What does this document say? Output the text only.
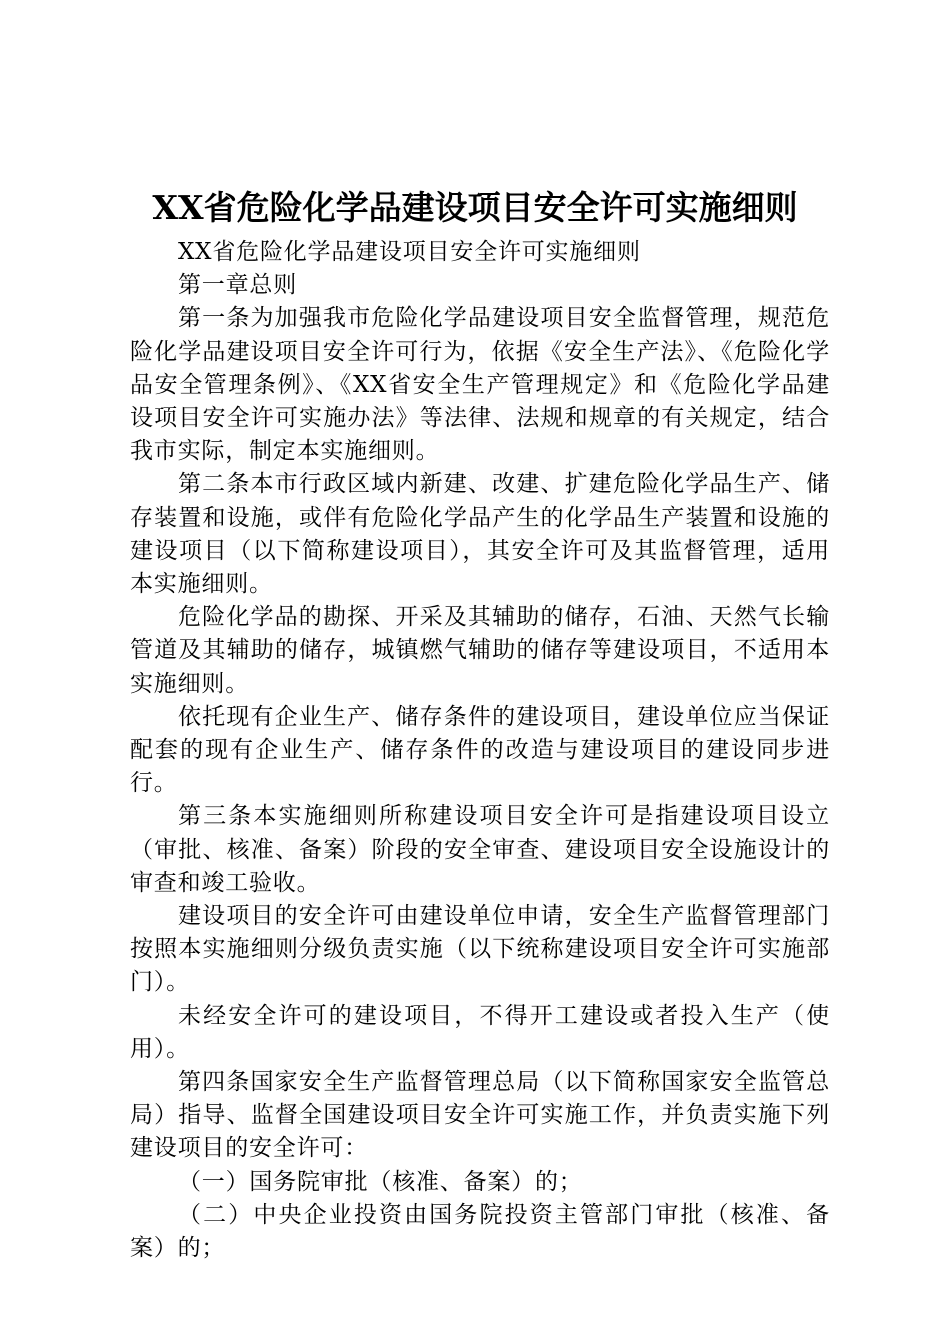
XX省危险化学品建设项目安全许可实施细则

XX省危险化学品建设项目安全许可实施细则

第一章总则

第一条为加强我市危险化学品建设项目安全监督管理，规范危险化学品建设项目安全许可行为，依据《安全生产法》、《危险化学品安全管理条例》、《XX省安全生产管理规定》和《危险化学品建设项目安全许可实施办法》等法律、法规和规章的有关规定，结合我市实际，制定本实施细则。

第二条本市行政区域内新建、改建、扩建危险化学品生产、储存装置和设施，或伴有危险化学品产生的化学品生产装置和设施的建设项目（以下简称建设项目），其安全许可及其监督管理，适用本实施细则。

危险化学品的勘探、开采及其辅助的储存，石油、天然气长输管道及其辅助的储存，城镇燃气辅助的储存等建设项目，不适用本实施细则。

依托现有企业生产、储存条件的建设项目，建设单位应当保证配套的现有企业生产、储存条件的改造与建设项目的建设同步进行。

第三条本实施细则所称建设项目安全许可是指建设项目设立（审批、核准、备案）阶段的安全审查、建设项目安全设施设计的审查和竣工验收。

建设项目的安全许可由建设单位申请，安全生产监督管理部门按照本实施细则分级负责实施（以下统称建设项目安全许可实施部门）。

未经安全许可的建设项目，不得开工建设或者投入生产（使用）。

第四条国家安全生产监督管理总局（以下简称国家安全监管总局）指导、监督全国建设项目安全许可实施工作，并负责实施下列建设项目的安全许可：

（一）国务院审批（核准、备案）的；

（二）中央企业投资由国务院投资主管部门审批（核准、备案）的；
